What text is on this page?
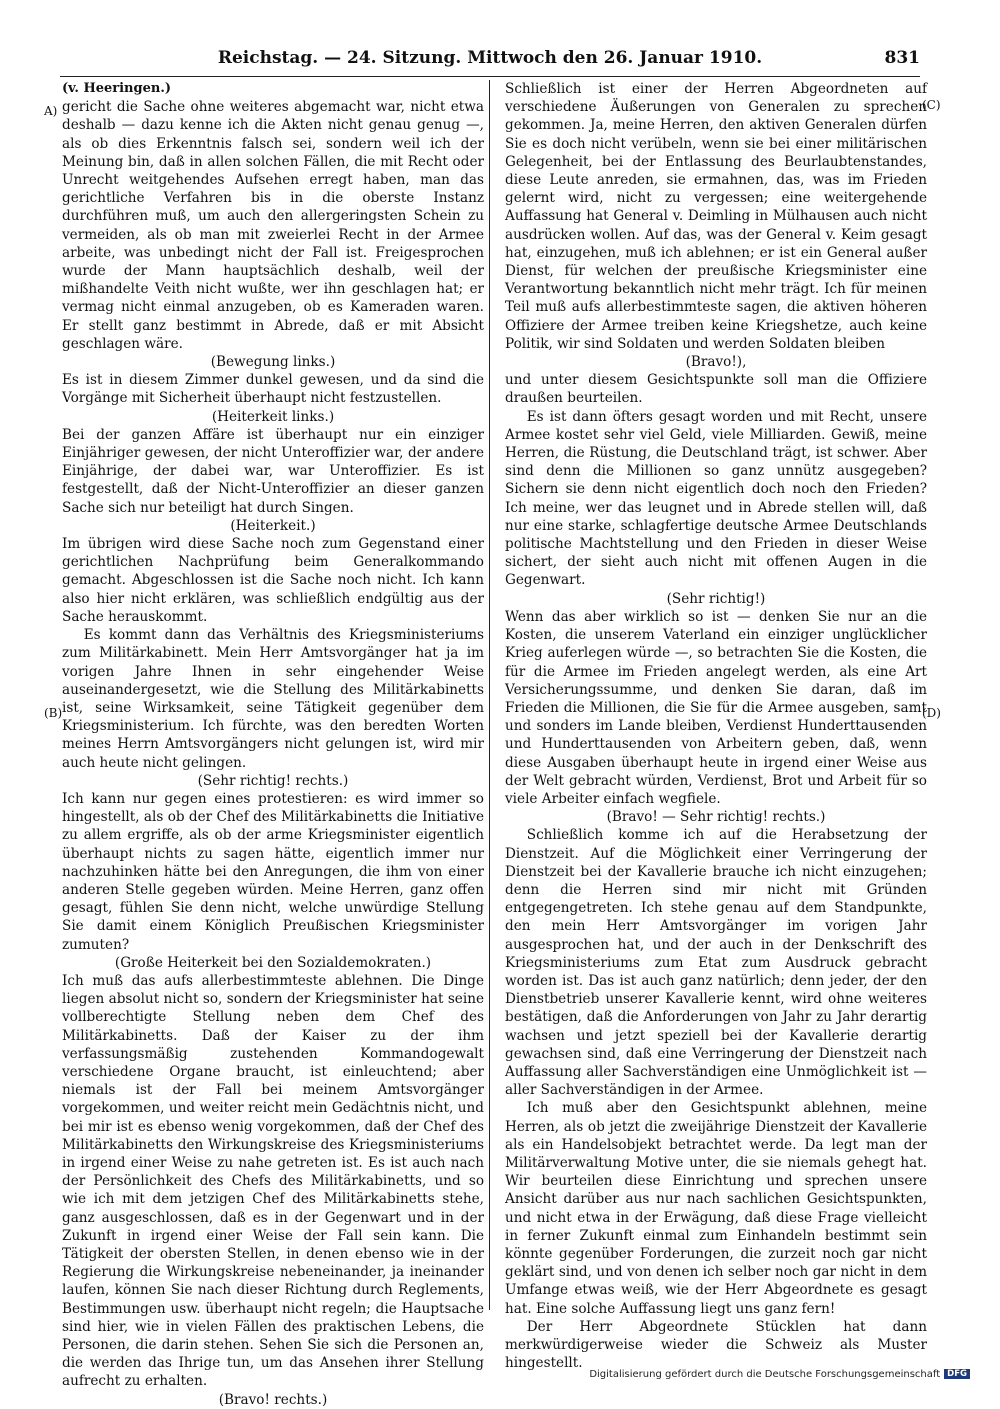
Reichstag. — 24. Sitzung. Mittwoch den 26. Januar 1910.	831
A)
(B)
(C)
(D)

(v. Heeringen.)

gericht die Sache ohne weiteres abgemacht war, nicht etwa deshalb — dazu kenne ich die Akten nicht genau genug —, als ob dies Erkenntnis falsch sei, sondern weil ich der Meinung bin, daß in allen solchen Fällen, die mit Recht oder Unrecht weitgehendes Aufsehen erregt haben, man das gerichtliche Verfahren bis in die oberste Instanz durchführen muß, um auch den allergeringsten Schein zu vermeiden, als ob man mit zweierlei Recht in der Armee arbeite, was unbedingt nicht der Fall ist. Freigesprochen wurde der Mann hauptsächlich deshalb, weil der mißhandelte Veith nicht wußte, wer ihn geschlagen hat; er vermag nicht einmal anzugeben, ob es Kameraden waren. Er stellt ganz bestimmt in Abrede, daß er mit Absicht geschlagen wäre.

(Bewegung links.)

Es ist in diesem Zimmer dunkel gewesen, und da sind die Vorgänge mit Sicherheit überhaupt nicht festzustellen.

(Heiterkeit links.)

Bei der ganzen Affäre ist überhaupt nur ein einziger Einjähriger gewesen, der nicht Unteroffizier war, der andere Einjährige, der dabei war, war Unteroffizier. Es ist festgestellt, daß der Nicht-Unteroffizier an dieser ganzen Sache sich nur beteiligt hat durch Singen.

(Heiterkeit.)

Im übrigen wird diese Sache noch zum Gegenstand einer gerichtlichen Nachprüfung beim Generalkommando gemacht. Abgeschlossen ist die Sache noch nicht. Ich kann also hier nicht erklären, was schließlich endgültig aus der Sache herauskommt.

Es kommt dann das Verhältnis des Kriegsministeriums zum Militärkabinett. Mein Herr Amtsvorgänger hat ja im vorigen Jahre Ihnen in sehr eingehender Weise auseinandergesetzt, wie die Stellung des Militärkabinetts ist, seine Wirksamkeit, seine Tätigkeit gegenüber dem Kriegsministerium. Ich fürchte, was den beredten Worten meines Herrn Amtsvorgängers nicht gelungen ist, wird mir auch heute nicht gelingen.

(Sehr richtig! rechts.)

Ich kann nur gegen eines protestieren: es wird immer so hingestellt, als ob der Chef des Militärkabinetts die Initiative zu allem ergriffe, als ob der arme Kriegsminister eigentlich überhaupt nichts zu sagen hätte, eigentlich immer nur nachzuhinken hätte bei den Anregungen, die ihm von einer anderen Stelle gegeben würden. Meine Herren, ganz offen gesagt, fühlen Sie denn nicht, welche unwürdige Stellung Sie damit einem Königlich Preußischen Kriegsminister zumuten?

(Große Heiterkeit bei den Sozialdemokraten.)

Ich muß das aufs allerbestimmteste ablehnen. Die Dinge liegen absolut nicht so, sondern der Kriegsminister hat seine vollberechtigte Stellung neben dem Chef des Militärkabinetts. Daß der Kaiser zu der ihm verfassungsmäßig zustehenden Kommandogewalt verschiedene Organe braucht, ist einleuchtend; aber niemals ist der Fall bei meinem Amtsvorgänger vorgekommen, und weiter reicht mein Gedächtnis nicht, und bei mir ist es ebenso wenig vorgekommen, daß der Chef des Militärkabinetts den Wirkungskreise des Kriegsministeriums in irgend einer Weise zu nahe getreten ist. Es ist auch nach der Persönlichkeit des Chefs des Militärkabinetts, und so wie ich mit dem jetzigen Chef des Militärkabinetts stehe, ganz ausgeschlossen, daß es in der Gegenwart und in der Zukunft in irgend einer Weise der Fall sein kann. Die Tätigkeit der obersten Stellen, in denen ebenso wie in der Regierung die Wirkungskreise nebeneinander, ja ineinander laufen, können Sie nach dieser Richtung durch Reglements, Bestimmungen usw. überhaupt nicht regeln; die Hauptsache sind hier, wie in vielen Fällen des praktischen Lebens, die Personen, die darin stehen. Sehen Sie sich die Personen an, die werden das Ihrige tun, um das Ansehen ihrer Stellung aufrecht zu erhalten.

(Bravo! rechts.)

Schließlich ist einer der Herren Abgeordneten auf verschiedene Äußerungen von Generalen zu sprechen gekommen. Ja, meine Herren, den aktiven Generalen dürfen Sie es doch nicht verübeln, wenn sie bei einer militärischen Gelegenheit, bei der Entlassung des Beurlaubtenstandes, diese Leute anreden, sie ermahnen, das, was im Frieden gelernt wird, nicht zu vergessen; eine weitergehende Auffassung hat General v. Deimling in Mülhausen auch nicht ausdrücken wollen. Auf das, was der General v. Keim gesagt hat, einzugehen, muß ich ablehnen; er ist ein General außer Dienst, für welchen der preußische Kriegsminister eine Verantwortung bekanntlich nicht mehr trägt. Ich für meinen Teil muß aufs allerbestimmteste sagen, die aktiven höheren Offiziere der Armee treiben keine Kriegshetze, auch keine Politik, wir sind Soldaten und werden Soldaten bleiben

(Bravo!),

und unter diesem Gesichtspunkte soll man die Offiziere draußen beurteilen.

Es ist dann öfters gesagt worden und mit Recht, unsere Armee kostet sehr viel Geld, viele Milliarden. Gewiß, meine Herren, die Rüstung, die Deutschland trägt, ist schwer. Aber sind denn die Millionen so ganz unnütz ausgegeben? Sichern sie denn nicht eigentlich doch noch den Frieden? Ich meine, wer das leugnet und in Abrede stellen will, daß nur eine starke, schlagfertige deutsche Armee Deutschlands politische Machtstellung und den Frieden in dieser Weise sichert, der sieht auch nicht mit offenen Augen in die Gegenwart.

(Sehr richtig!)

Wenn das aber wirklich so ist — denken Sie nur an die Kosten, die unserem Vaterland ein einziger unglücklicher Krieg auferlegen würde —, so betrachten Sie die Kosten, die für die Armee im Frieden angelegt werden, als eine Art Versicherungssumme, und denken Sie daran, daß im Frieden die Millionen, die Sie für die Armee ausgeben, samt und sonders im Lande bleiben, Verdienst Hunderttausenden und Hunderttausenden von Arbeitern geben, daß, wenn diese Ausgaben überhaupt heute in irgend einer Weise aus der Welt gebracht würden, Verdienst, Brot und Arbeit für so viele Arbeiter einfach wegfiele.

(Bravo! — Sehr richtig! rechts.)

Schließlich komme ich auf die Herabsetzung der Dienstzeit. Auf die Möglichkeit einer Verringerung der Dienstzeit bei der Kavallerie brauche ich nicht einzugehen; denn die Herren sind mir nicht mit Gründen entgegengetreten. Ich stehe genau auf dem Standpunkte, den mein Herr Amtsvorgänger im vorigen Jahr ausgesprochen hat, und der auch in der Denkschrift des Kriegsministeriums zum Etat zum Ausdruck gebracht worden ist. Das ist auch ganz natürlich; denn jeder, der den Dienstbetrieb unserer Kavallerie kennt, wird ohne weiteres bestätigen, daß die Anforderungen von Jahr zu Jahr derartig wachsen und jetzt speziell bei der Kavallerie derartig gewachsen sind, daß eine Verringerung der Dienstzeit nach Auffassung aller Sachverständigen eine Unmöglichkeit ist — aller Sachverständigen in der Armee.

Ich muß aber den Gesichtspunkt ablehnen, meine Herren, als ob jetzt die zweijährige Dienstzeit der Kavallerie als ein Handelsobjekt betrachtet werde. Da legt man der Militärverwaltung Motive unter, die sie niemals gehegt hat. Wir beurteilen diese Einrichtung und sprechen unsere Ansicht darüber aus nur nach sachlichen Gesichtspunkten, und nicht etwa in der Erwägung, daß diese Frage vielleicht in ferner Zukunft einmal zum Einhandeln bestimmt sein könnte gegenüber Forderungen, die zurzeit noch gar nicht geklärt sind, und von denen ich selber noch gar nicht in dem Umfange etwas weiß, wie der Herr Abgeordnete es gesagt hat. Eine solche Auffassung liegt uns ganz fern!

Der Herr Abgeordnete Stücklen hat dann merkwürdigerweise wieder die Schweiz als Muster hingestellt.

Digitalisierung gefördert durch die Deutsche Forschungsgemeinschaft DFG
